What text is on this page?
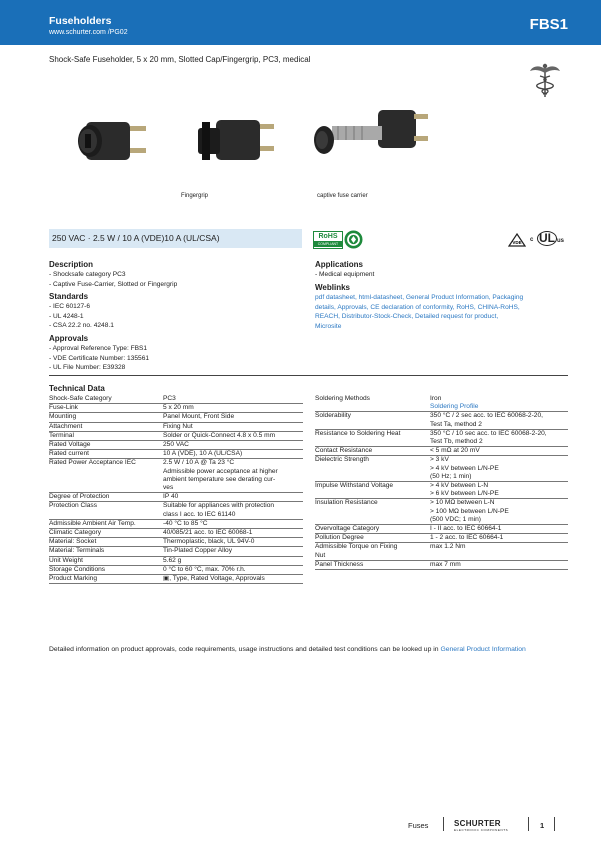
Fuseholders
www.schurter.com /PG02	FBS1
Shock-Safe Fuseholder, 5 x 20 mm, Slotted Cap/Fingergrip, PC3, medical
Fingergrip	captive fuse carrier
250 VAC · 2.5 W / 10 A (VDE)10 A (UL/CSA)	RoHS
COMPLIANT	VDE c UL us
Description
- Shocksafe category PC3
- Captive Fuse-Carrier, Slotted or Fingergrip
Standards
- IEC 60127-6
- UL 4248-1
- CSA 22.2 no. 4248.1
Approvals
- Approval Reference Type: FBS1
- VDE Certificate Number: 135561
- UL File Number: E39328
Applications
- Medical equipment
Weblinks
pdf datasheet, html-datasheet, General Product Information, Packaging
details, Approvals, CE declaration of conformity, RoHS, CHINA-RoHS,
REACH, Distributor-Stock-Check, Detailed request for product,
Microsite
Technical Data
Shock-Safe Category	PC3
Fuse-Link	5 x 20 mm
Mounting	Panel Mount, Front Side
Attachment	Fixing Nut
Terminal	Solder or Quick-Connect 4.8 x 0.5 mm
Rated Voltage	250 VAC
Rated current	10 A (VDE), 10 A (UL/CSA)
Rated Power Acceptance IEC	2.5 W / 10 A @ Ta 23 °C
Admissible power acceptance at higher
ambient temperature see derating cur-
ves
Degree of Protection	IP 40
Protection Class	Suitable for appliances with protection
class I acc. to IEC 61140
Admissible Ambient Air Temp.	-40 °C to 85 °C
Climatic Category	40/085/21 acc. to IEC 60068-1
Material: Socket	Thermoplastic, black, UL 94V-0
Material: Terminals	Tin-Plated Copper Alloy
Unit Weight	5.62 g
Storage Conditions	0 °C to 60 °C, max. 70% r.h.
Product Marking	▣, Type, Rated Voltage, Approvals
Soldering Methods	Iron
Soldering Profile

Solderability	350 °C / 2 sec acc. to IEC 60068-2-20,
Test Ta, method 2
Resistance to Soldering Heat	350 °C / 10 sec acc. to IEC 60068-2-20,
Test Tb, method 2
Contact Resistance	< 5 mΩ at 20 mV
Dielectric Strength	> 3 kV
> 4 kV between L/N-PE
(50 Hz; 1 min)
Impulse Withstand Voltage	> 4 kV between L-N
> 6 kV between L/N-PE
Insulation Resistance	> 10 MΩ between L-N
> 100 MΩ between L/N-PE
(500 VDC; 1 min)
Overvoltage Category	I - II acc. to IEC 60664-1
Pollution Degree	1 - 2 acc. to IEC 60664-1
Admissible Torque on Fixing
Nut	max 1.2 Nm
Panel Thickness	max 7 mm
Detailed information on product approvals, code requirements, usage instructions and detailed test conditions can be looked up in General Product Information
Fuses	SCHURTER
ELECTRONIC COMPONENTS	1
